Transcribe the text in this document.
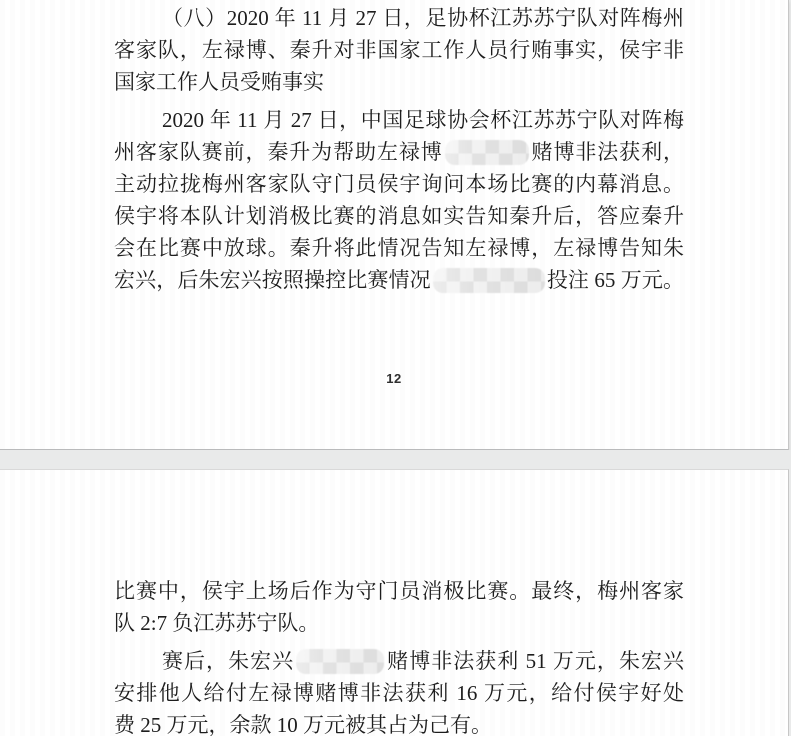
（八）2020 年 11 月 27 日，足协杯江苏苏宁队对阵梅州
客家队，左禄博、秦升对非国家工作人员行贿事实，侯宇非
国家工作人员受贿事实
2020 年 11 月 27 日，中国足球协会杯江苏苏宁队对阵梅
州客家队赛前，秦升为帮助左禄博	赌博非法获利，
主动拉拢梅州客家队守门员侯宇询问本场比赛的内幕消息。
侯宇将本队计划消极比赛的消息如实告知秦升后，答应秦升
会在比赛中放球。秦升将此情况告知左禄博，左禄博告知朱
宏兴，后朱宏兴按照操控比赛情况	投注 65 万元。
12
比赛中，侯宇上场后作为守门员消极比赛。最终，梅州客家
队 2:7 负江苏苏宁队。
赛后，朱宏兴	赌博非法获利 51 万元，朱宏兴
安排他人给付左禄博赌博非法获利 16 万元，给付侯宇好处
费 25 万元，余款 10 万元被其占为己有。
